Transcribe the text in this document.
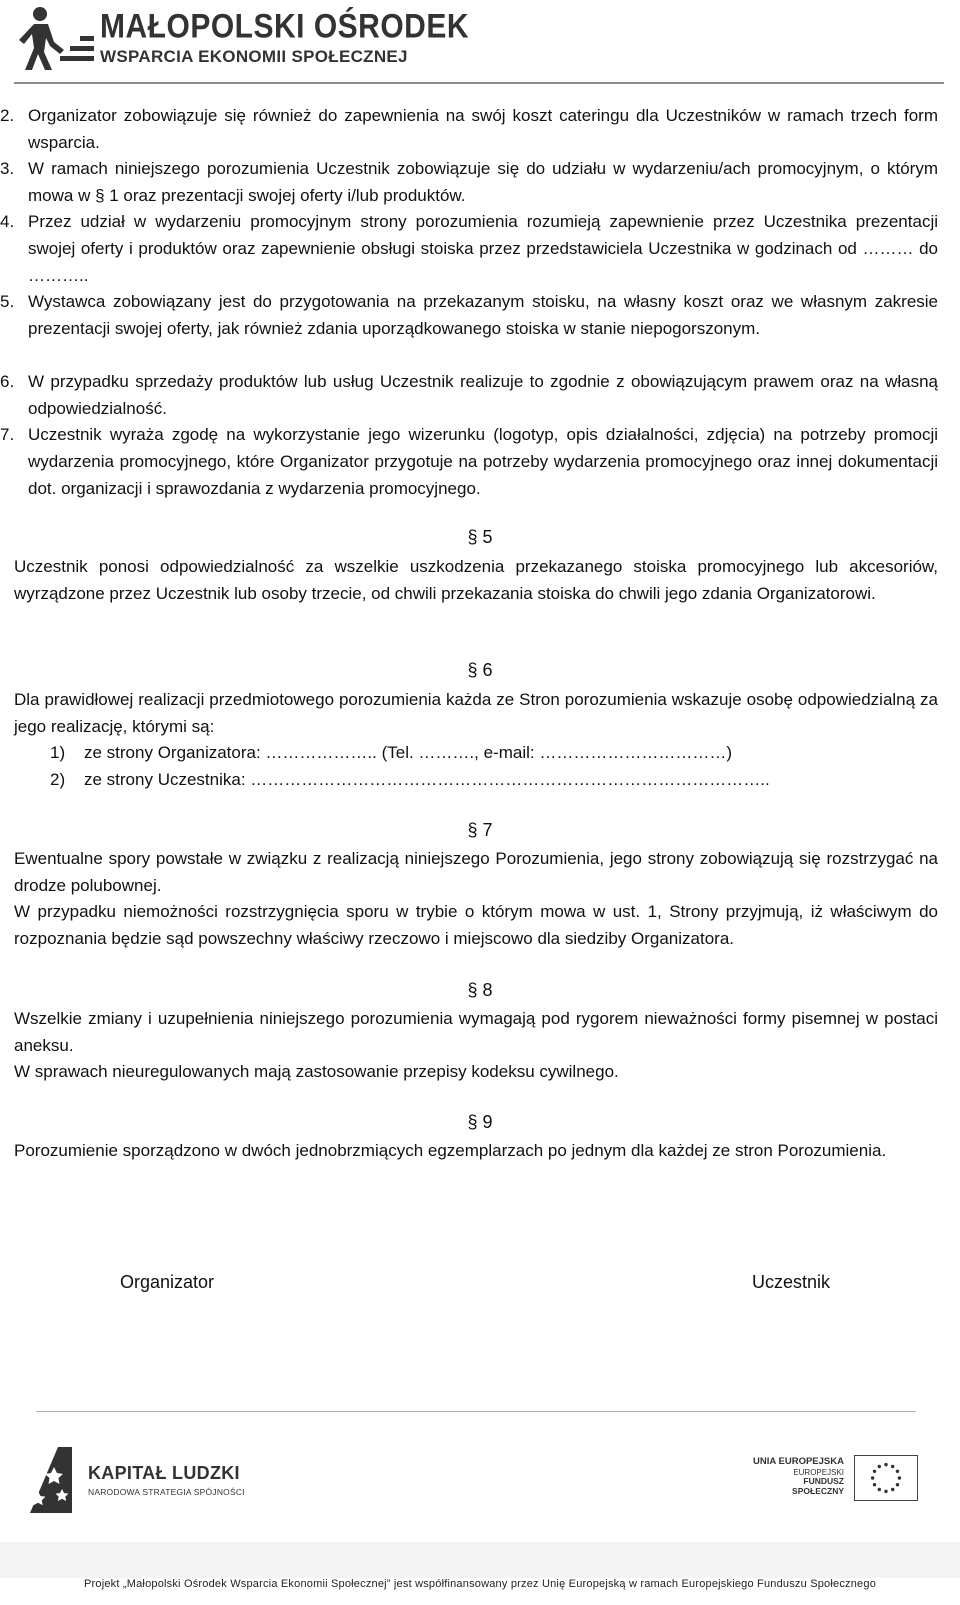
MAŁOPOLSKI OŚRODEK
WSPARCIA EKONOMII SPOŁECZNEJ
2. Organizator zobowiązuje się również do zapewnienia na swój koszt cateringu dla Uczestników w ramach trzech form wsparcia.
3. W ramach niniejszego porozumienia Uczestnik zobowiązuje się do udziału w wydarzeniu/ach promocyjnym, o którym mowa w § 1 oraz prezentacji swojej oferty i/lub produktów.
4. Przez udział w wydarzeniu promocyjnym strony porozumienia rozumieją zapewnienie przez Uczestnika prezentacji swojej oferty i produktów oraz zapewnienie obsługi stoiska przez przedstawiciela Uczestnika w godzinach od ……… do ………..
5. Wystawca zobowiązany jest do przygotowania na przekazanym stoisku, na własny koszt oraz we własnym zakresie prezentacji swojej oferty, jak również zdania uporządkowanego stoiska w stanie niepogorszonym.
6. W przypadku sprzedaży produktów lub usług Uczestnik realizuje to zgodnie z obowiązującym prawem oraz na własną odpowiedzialność.
7. Uczestnik wyraża zgodę na wykorzystanie jego wizerunku (logotyp, opis działalności, zdjęcia) na potrzeby promocji wydarzenia promocyjnego, które Organizator przygotuje na potrzeby wydarzenia promocyjnego oraz innej dokumentacji dot. organizacji i sprawozdania z wydarzenia promocyjnego.
§ 5
Uczestnik ponosi odpowiedzialność za wszelkie uszkodzenia przekazanego stoiska promocyjnego lub akcesoriów, wyrządzone przez Uczestnik lub osoby trzecie, od chwili przekazania stoiska do chwili jego zdania Organizatorowi.
§ 6
Dla prawidłowej realizacji przedmiotowego porozumienia każda ze Stron porozumienia wskazuje osobę odpowiedzialną za jego realizację, którymi są:
1) ze strony Organizatora: ……………….. (Tel. ………., e-mail: ……………………………)
2) ze strony Uczestnika: ………………………………………………………………………………..
§ 7
Ewentualne spory powstałe w związku z realizacją niniejszego Porozumienia, jego strony zobowiązują się rozstrzygać na drodze polubownej.
W przypadku niemożności rozstrzygnięcia sporu w trybie o którym mowa w ust. 1, Strony przyjmują, iż właściwym do rozpoznania będzie sąd powszechny właściwy rzeczowo i miejscowo dla siedziby Organizatora.
§ 8
Wszelkie zmiany i uzupełnienia niniejszego porozumienia wymagają pod rygorem nieważności formy pisemnej w postaci aneksu.
W sprawach nieuregulowanych mają zastosowanie przepisy kodeksu cywilnego.
§ 9
Porozumienie sporządzono w dwóch jednobrzmiących egzemplarzach po jednym dla każdej ze stron Porozumienia.
Organizator	Uczestnik
KAPITAŁ LUDZKI
NARODOWA STRATEGIA SPÓJNOŚCI
UNIA EUROPEJSKA
EUROPEJSKI
FUNDUSZ SPOŁECZNY
Projekt „Małopolski Ośrodek Wsparcia Ekonomii Społecznej” jest współfinansowany przez Unię Europejską w ramach Europejskiego Funduszu Społecznego
